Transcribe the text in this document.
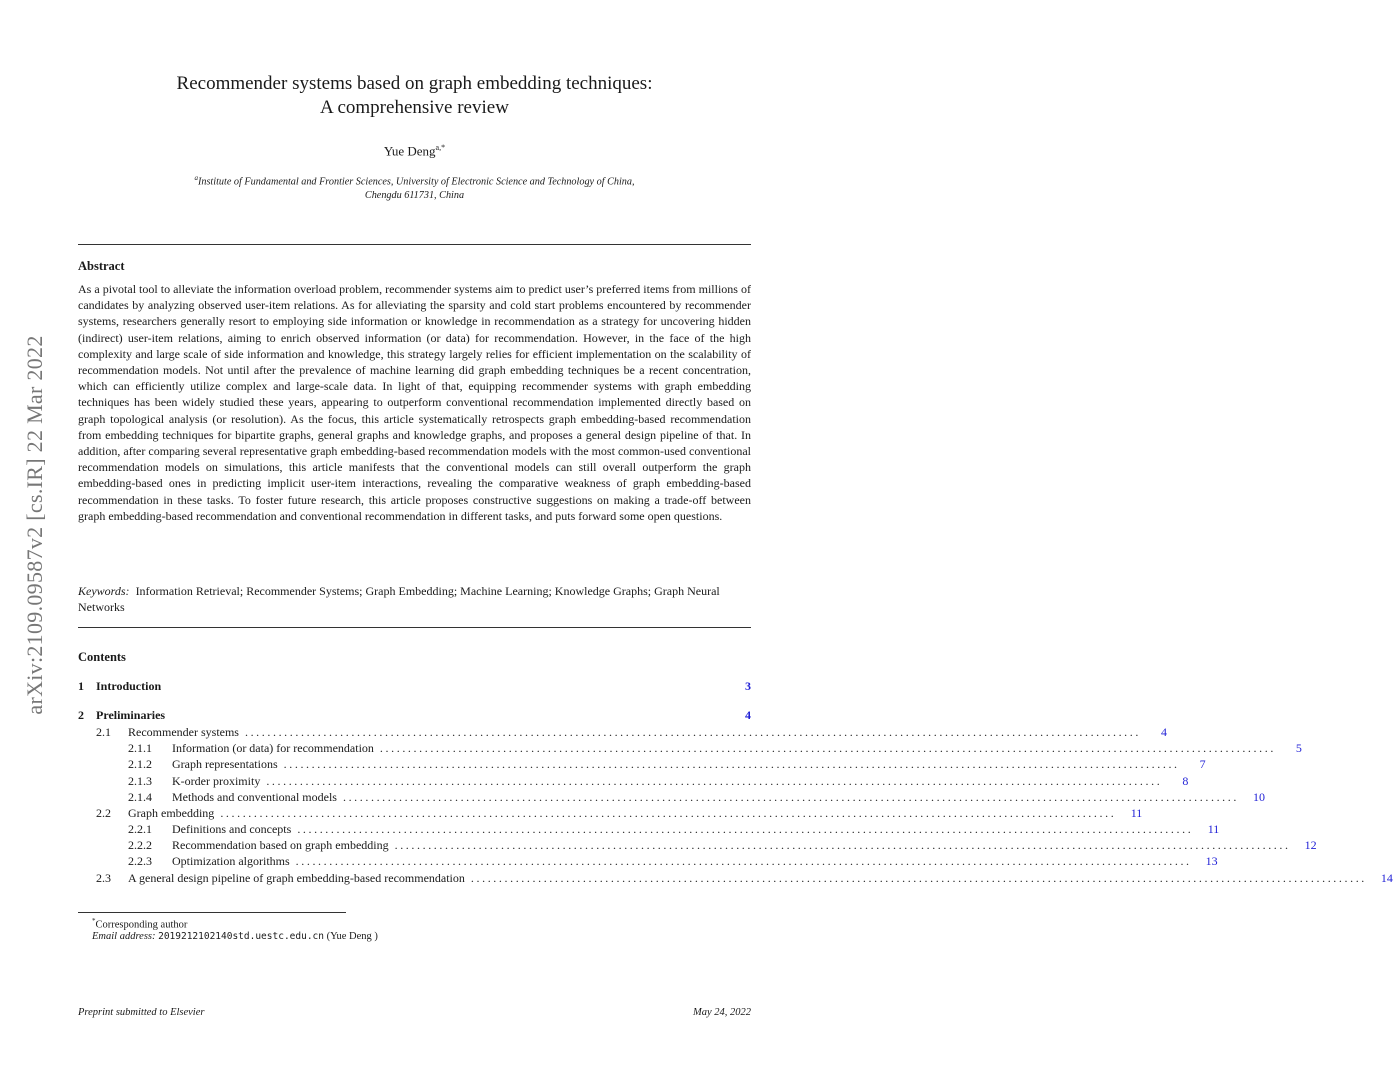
arXiv:2109.09587v2 [cs.IR] 22 Mar 2022
Recommender systems based on graph embedding techniques:
A comprehensive review
Yue Deng$^{a,*}$
$^a$Institute of Fundamental and Frontier Sciences, University of Electronic Science and Technology of China,
Chengdu 611731, China
Abstract

As a pivotal tool to alleviate the information overload problem, recommender systems aim to predict user’s preferred items from millions of candidates by analyzing observed user-item relations. As for alleviating the sparsity and cold start problems encountered by recommender systems, researchers generally resort to employing side information or knowledge in recommendation as a strategy for uncovering hidden (indirect) user-item relations, aiming to enrich observed information (or data) for recommendation. However, in the face of the high complexity and large scale of side information and knowledge, this strategy largely relies for efficient implementation on the scalability of recommendation models. Not until after the prevalence of machine learning did graph embedding techniques be a recent concentration, which can efficiently utilize complex and large-scale data. In light of that, equipping recommender systems with graph embedding techniques has been widely studied these years, appearing to outperform conventional recommendation implemented directly based on graph topological analysis (or resolution). As the focus, this article systematically retrospects graph embedding-based recommendation from embedding techniques for bipartite graphs, general graphs and knowledge graphs, and proposes a general design pipeline of that. In addition, after comparing several representative graph embedding-based recommendation models with the most common-used conventional recommendation models on simulations, this article manifests that the conventional models can still overall outperform the graph embedding-based ones in predicting implicit user-item interactions, revealing the comparative weakness of graph embedding-based recommendation in these tasks. To foster future research, this article proposes constructive suggestions on making a trade-off between graph embedding-based recommendation and conventional recommendation in different tasks, and puts forward some open questions.

Keywords: Information Retrieval; Recommender Systems; Graph Embedding; Machine Learning; Knowledge Graphs; Graph Neural Networks

Contents
1	Introduction	3
2	Preliminaries	4
2.1	Recommender systems ................................................................................................................................................................	4
2.1.1	Information (or data) for recommendation ................................................................................................................................................................	5
2.1.2	Graph representations ................................................................................................................................................................	7
2.1.3	K-order proximity ................................................................................................................................................................	8
2.1.4	Methods and conventional models ................................................................................................................................................................	10
2.2	Graph embedding ................................................................................................................................................................	11
2.2.1	Definitions and concepts ................................................................................................................................................................	11
2.2.2	Recommendation based on graph embedding ................................................................................................................................................................	12
2.2.3	Optimization algorithms ................................................................................................................................................................	13
2.3	A general design pipeline of graph embedding-based recommendation ................................................................................................................................................................	14
*Corresponding author
Email address: 2019212102140std.uestc.edu.cn (Yue Deng )
Preprint submitted to Elsevier	May 24, 2022
